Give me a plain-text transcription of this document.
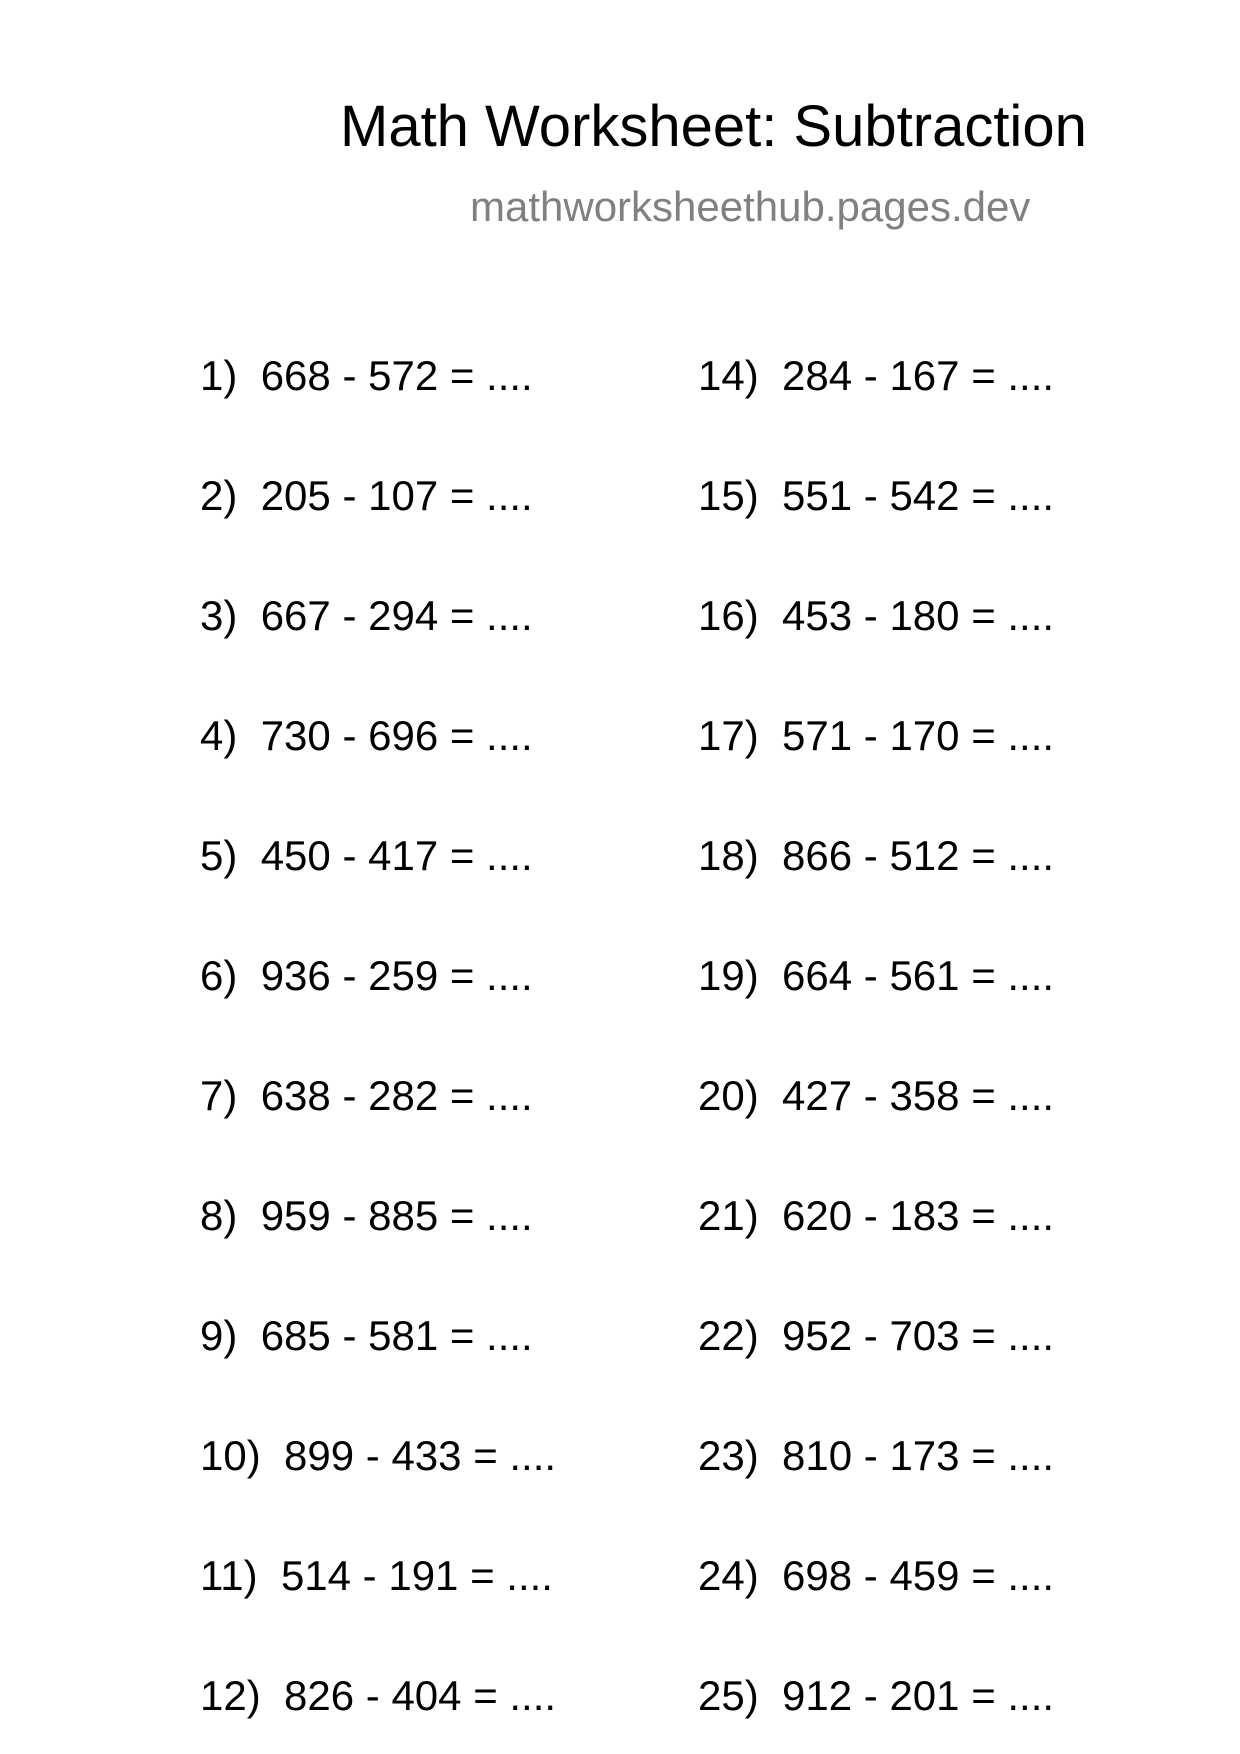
Math Worksheet: Subtraction
mathworksheethub.pages.dev
1) 668 - 572 = ....
2) 205 - 107 = ....
3) 667 - 294 = ....
4) 730 - 696 = ....
5) 450 - 417 = ....
6) 936 - 259 = ....
7) 638 - 282 = ....
8) 959 - 885 = ....
9) 685 - 581 = ....
10) 899 - 433 = ....
11) 514 - 191 = ....
12) 826 - 404 = ....
14) 284 - 167 = ....
15) 551 - 542 = ....
16) 453 - 180 = ....
17) 571 - 170 = ....
18) 866 - 512 = ....
19) 664 - 561 = ....
20) 427 - 358 = ....
21) 620 - 183 = ....
22) 952 - 703 = ....
23) 810 - 173 = ....
24) 698 - 459 = ....
25) 912 - 201 = ....
